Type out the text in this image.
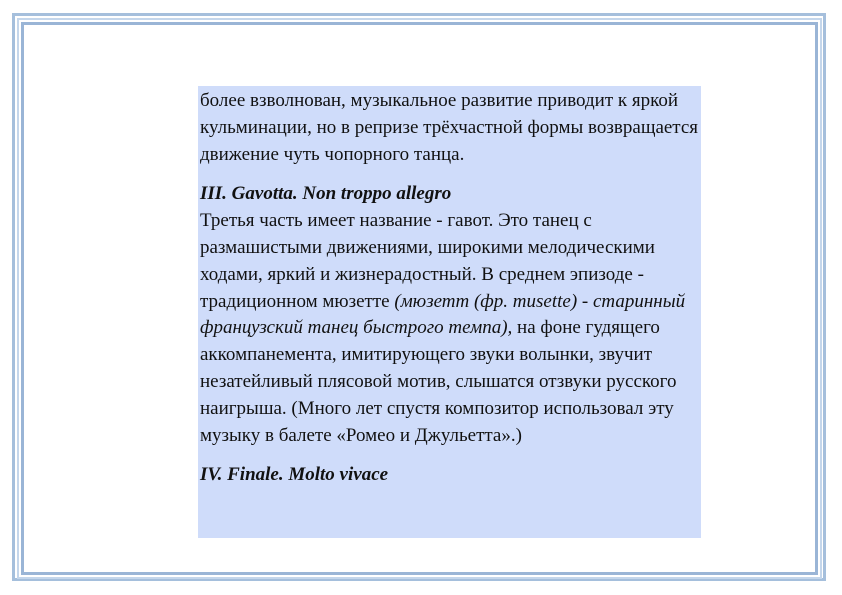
более взволнован, музыкальное развитие приводит к яркой кульминации, но в репризе трёхчастной формы возвращается движение чуть чопорного танца.

III. Gavotta. Non troppo allegro

Третья часть имеет название - гавот. Это танец с размашистыми движениями, широкими мелодическими ходами, яркий и жизнерадостный. В среднем эпизоде - традиционном мюзетте (мюзетт (фр. musette) - старинный французский танец быстрого темпа), на фоне гудящего аккомпанемента, имитирующего звуки волынки, звучит незатейливый плясовой мотив, слышатся отзвуки русского наигрыша. (Много лет спустя композитор использовал эту музыку в балете «Ромео и Джульетта».)

IV. Finale. Molto vivace
